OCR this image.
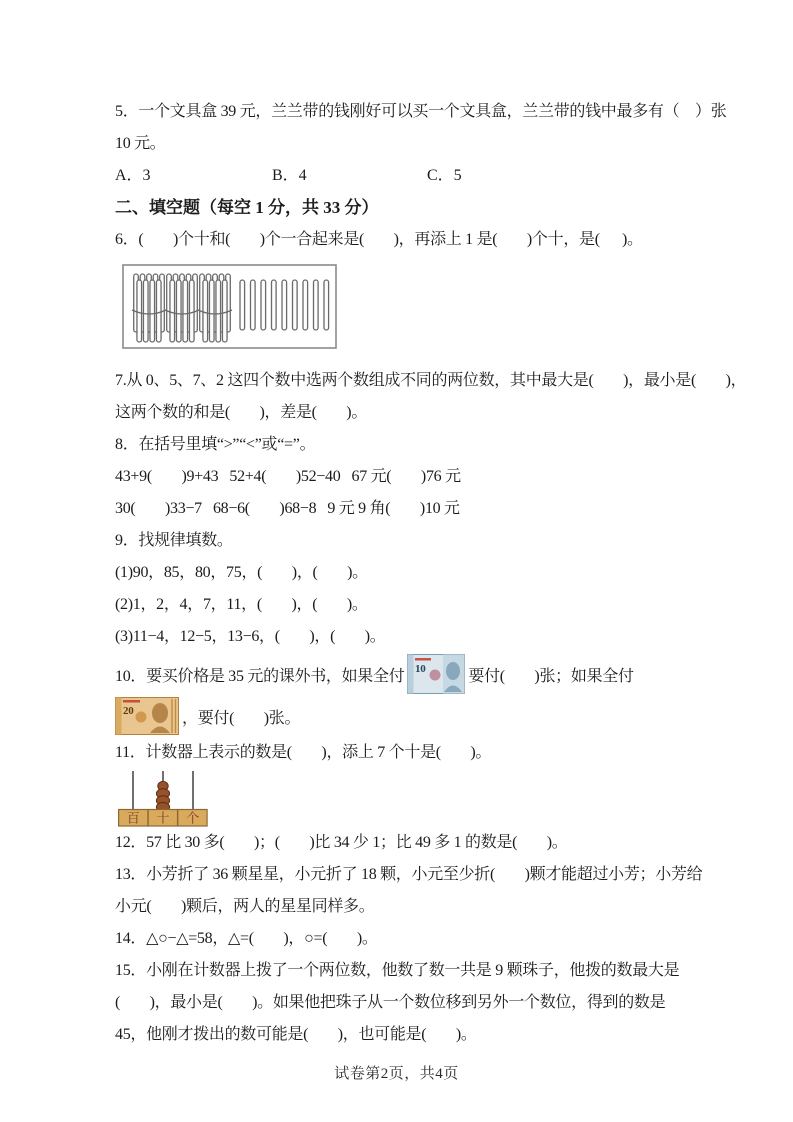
5．一个文具盒 39 元，兰兰带的钱刚好可以买一个文具盒，兰兰带的钱中最多有（　）张
10 元。
A．3	B．4	C．5
二、填空题（每空 1 分，共 33 分）
6．(        )个十和(        )个一合起来是(        )，再添上 1 是(        )个十，是(      )。
7.从 0、5、7、2 这四个数中选两个数组成不同的两位数，其中最大是(        )，最小是(        )，
这两个数的和是(        )，差是(        )。
8．在括号里填“>”“<”或“=”。
43+9(        )9+43   52+4(        )52−40   67 元(        )76 元
30(        )33−7   68−6(        )68−8   9 元 9 角(        )10 元
9．找规律填数。
(1)90，85，80，75，(        )，(        )。
(2)1，2，4，7，11，(        )，(        )。
(3)11−4，12−5，13−6，(        )，(        )。
10．要买价格是 35 元的课外书，如果全付 10	要付(        )张；如果全付
20	，要付(        )张。
11．计数器上表示的数是(        )，添上 7 个十是(        )。
百 十 个
12．57 比 30 多(        )；(        )比 34 少 1；比 49 多 1 的数是(        )。
13．小芳折了 36 颗星星，小元折了 18 颗，小元至少折(        )颗才能超过小芳；小芳给
小元(        )颗后，两人的星星同样多。
14．△○−△=58，△=(        )，○=(        )。
15．小刚在计数器上拨了一个两位数，他数了数一共是 9 颗珠子，他拨的数最大是
(        )，最小是(        )。如果他把珠子从一个数位移到另外一个数位，得到的数是
45，他刚才拨出的数可能是(        )，也可能是(        )。
试卷第2页，共4页
